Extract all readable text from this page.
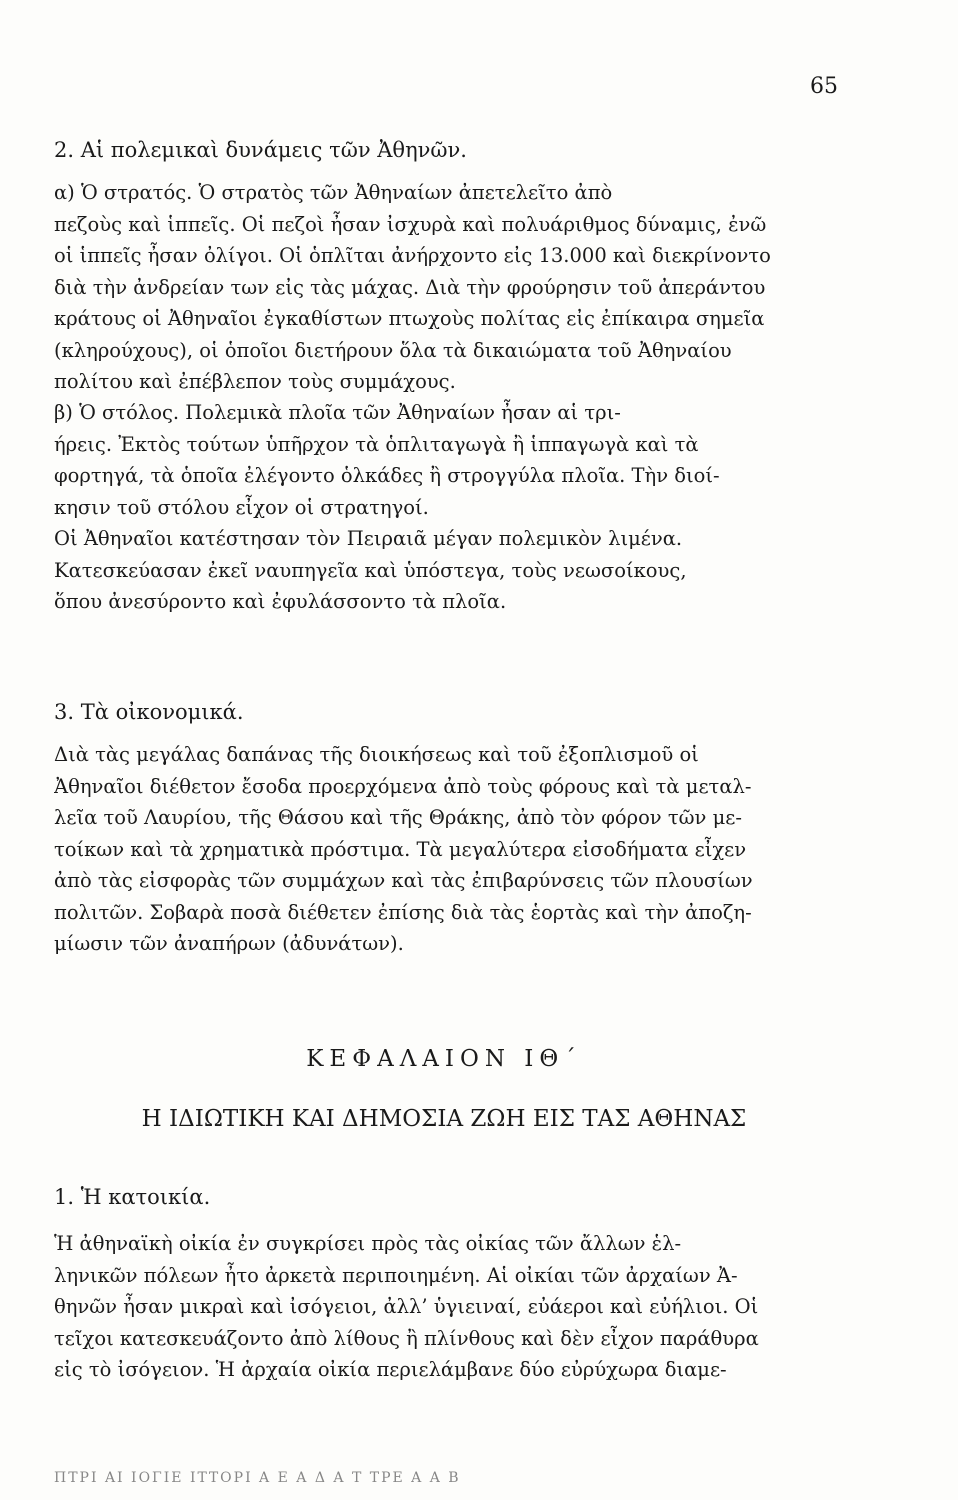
65
2. Αἱ πολεμικαὶ δυνάμεις τῶν Ἀθηνῶν.
α) Ὁ στρατός. Ὁ στρατὸς τῶν Ἀθηναίων ἀπετελεῖτο ἀπὸ
πεζοὺς καὶ ἱππεῖς. Οἱ πεζοὶ ἦσαν ἰσχυρὰ καὶ πολυάριθμος δύναμις, ἐνῶ
οἱ ἱππεῖς ἦσαν ὀλίγοι. Οἱ ὁπλῖται ἀνήρχοντο εἰς 13.000 καὶ διεκρίνοντο
διὰ τὴν ἀνδρείαν των εἰς τὰς μάχας. Διὰ τὴν φρούρησιν τοῦ ἀπεράντου
κράτους οἱ Ἀθηναῖοι ἐγκαθίστων πτωχοὺς πολίτας εἰς ἐπίκαιρα σημεῖα
(κληρούχους), οἱ ὁποῖοι διετήρουν ὅλα τὰ δικαιώματα τοῦ Ἀθηναίου
πολίτου καὶ ἐπέβλεπον τοὺς συμμάχους.
β) Ὁ στόλος. Πολεμικὰ πλοῖα τῶν Ἀθηναίων ἦσαν αἱ τρι-
ήρεις. Ἐκτὸς τούτων ὑπῆρχον τὰ ὁπλιταγωγὰ ἢ ἱππαγωγὰ καὶ τὰ
φορτηγά, τὰ ὁποῖα ἐλέγοντο ὁλκάδες ἢ στρογγύλα πλοῖα. Τὴν διοί-
κησιν τοῦ στόλου εἶχον οἱ στρατηγοί.
Οἱ Ἀθηναῖοι κατέστησαν τὸν Πειραιᾶ μέγαν πολεμικὸν λιμένα.
Κατεσκεύασαν ἐκεῖ ναυπηγεῖα καὶ ὑπόστεγα, τοὺς νεωσοίκους,
ὅπου ἀνεσύροντο καὶ ἐφυλάσσοντο τὰ πλοῖα.
3. Τὰ οἰκονομικά.
Διὰ τὰς μεγάλας δαπάνας τῆς διοικήσεως καὶ τοῦ ἐξοπλισμοῦ οἱ
Ἀθηναῖοι διέθετον ἔσοδα προερχόμενα ἀπὸ τοὺς φόρους καὶ τὰ μεταλ-
λεῖα τοῦ Λαυρίου, τῆς Θάσου καὶ τῆς Θράκης, ἀπὸ τὸν φόρον τῶν με-
τοίκων καὶ τὰ χρηματικὰ πρόστιμα. Τὰ μεγαλύτερα εἰσοδήματα εἶχεν
ἀπὸ τὰς εἰσφορὰς τῶν συμμάχων καὶ τὰς ἐπιβαρύνσεις τῶν πλουσίων
πολιτῶν. Σοβαρὰ ποσὰ διέθετεν ἐπίσης διὰ τὰς ἑορτὰς καὶ τὴν ἀποζη-
μίωσιν τῶν ἀναπήρων (ἀδυνάτων).
ΚΕΦΑΛΑΙΟΝ ΙΘ΄
Η ΙΔΙΩΤΙΚΗ ΚΑΙ ΔΗΜΟΣΙΑ ΖΩΗ ΕΙΣ ΤΑΣ ΑΘΗΝΑΣ
1. Ἡ κατοικία.
Ἡ ἀθηναϊκὴ οἰκία ἐν συγκρίσει πρὸς τὰς οἰκίας τῶν ἄλλων ἑλ-
ληνικῶν πόλεων ἦτο ἀρκετὰ περιποιημένη. Αἱ οἰκίαι τῶν ἀρχαίων Ἀ-
θηνῶν ἦσαν μικραὶ καὶ ἰσόγειοι, ἀλλ’ ὑγιειναί, εὐάεροι καὶ εὐήλιοι. Οἱ
τεῖχοι κατεσκευάζοντο ἀπὸ λίθους ἢ πλίνθους καὶ δὲν εἶχον παράθυρα
εἰς τὸ ἰσόγειον. Ἡ ἀρχαία οἰκία περιελάμβανε δύο εὐρύχωρα διαμε-
ΠΤΡΙ ΑΙ ΙΟΓΙΕ ΙΤΤΟΡΙ Α Ε Α Δ Α Τ ΤΡΕ Α Α Β
